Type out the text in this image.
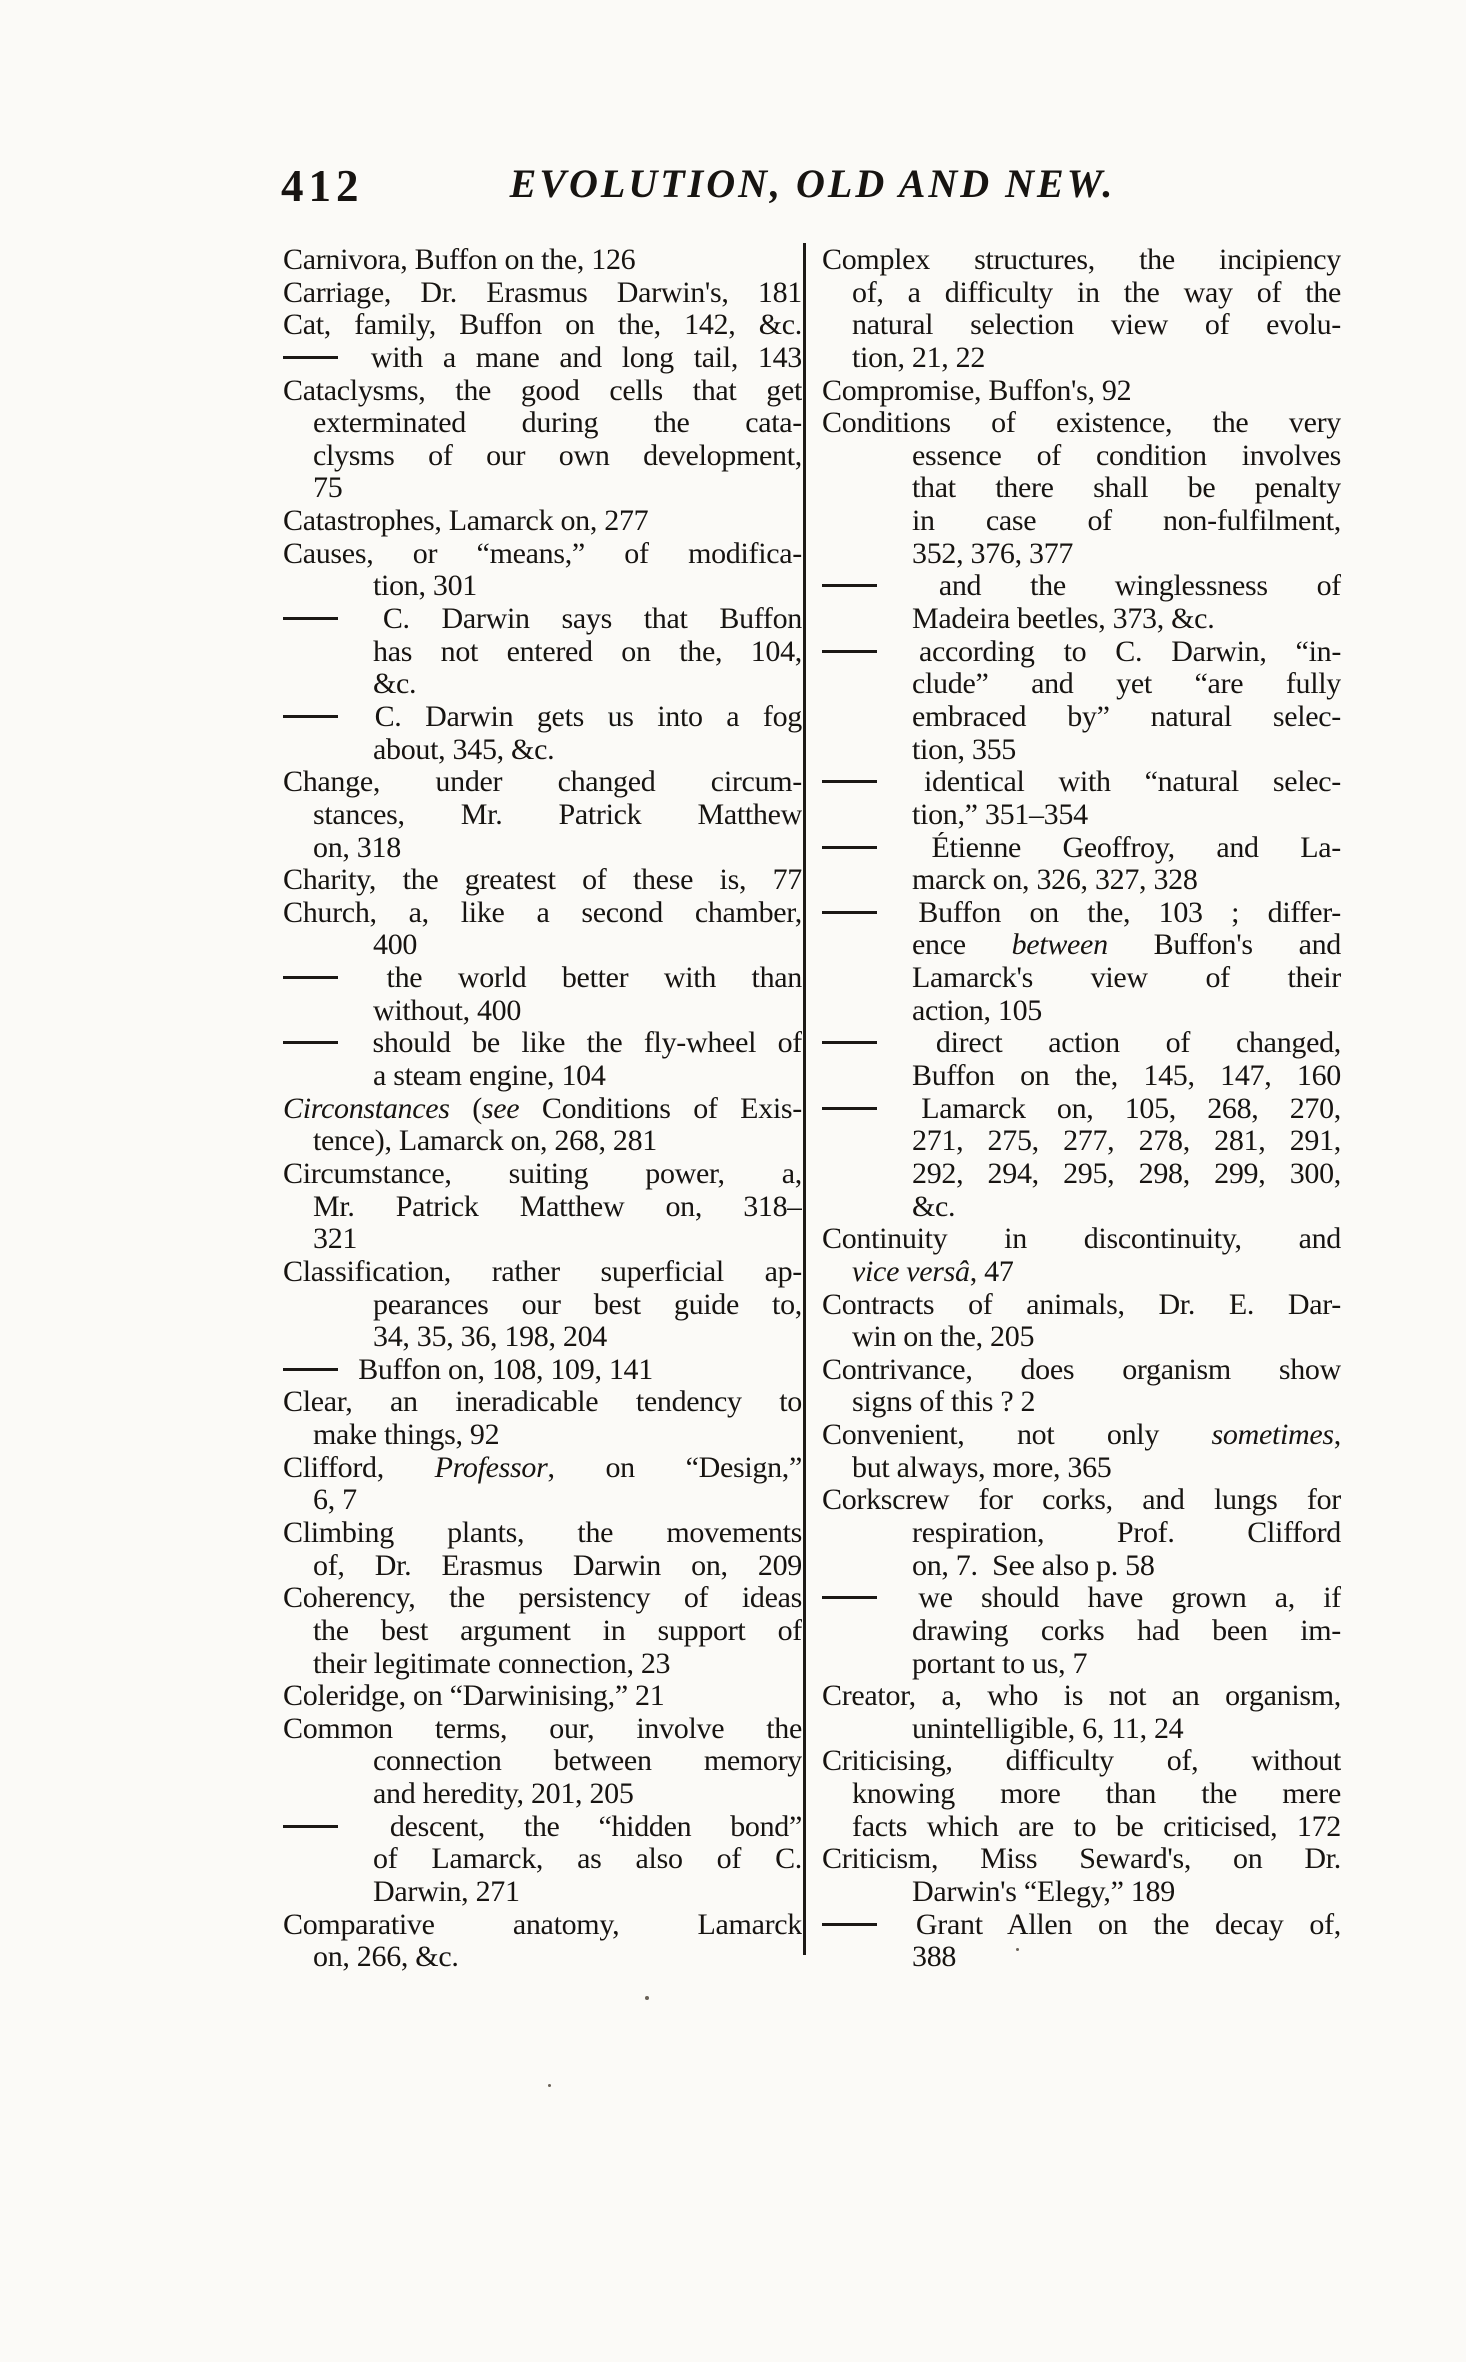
412	EVOLUTION, OLD AND NEW.
Carnivora, Buffon on the, 126
Carriage, Dr. Erasmus Darwin's, 181
Cat, family, Buffon on the, 142, &c.
with a mane and long tail, 143
Cataclysms, the good cells that get
exterminated during the cata-
clysms of our own development,
75
Catastrophes, Lamarck on, 277
Causes, or “means,” of modifica-
tion, 301
C. Darwin says that Buffon
has not entered on the, 104,
&c.
C. Darwin gets us into a fog
about, 345, &c.
Change, under changed circum-
stances, Mr. Patrick Matthew
on, 318
Charity, the greatest of these is, 77
Church, a, like a second chamber,
400
the world better with than
without, 400
should be like the fly-wheel of
a steam engine, 104
Circonstances (see Conditions of Exis-
tence), Lamarck on, 268, 281
Circumstance, suiting power, a,
Mr. Patrick Matthew on, 318–
321
Classification, rather superficial ap-
pearances our best guide to,
34, 35, 36, 198, 204
Buffon on, 108, 109, 141
Clear, an ineradicable tendency to
make things, 92
Clifford, Professor, on “Design,”
6, 7
Climbing plants, the movements
of, Dr. Erasmus Darwin on, 209
Coherency, the persistency of ideas
the best argument in support of
their legitimate connection, 23
Coleridge, on “Darwinising,” 21
Common terms, our, involve the
connection between memory
and heredity, 201, 205
descent, the “hidden bond”
of Lamarck, as also of C.
Darwin, 271
Comparative anatomy, Lamarck
on, 266, &c.
Complex structures, the incipiency
of, a difficulty in the way of the
natural selection view of evolu-
tion, 21, 22
Compromise, Buffon's, 92
Conditions of existence, the very
essence of condition involves
that there shall be penalty
in case of non-fulfilment,
352, 376, 377
and the winglessness of
Madeira beetles, 373, &c.
according to C. Darwin, “in-
clude” and yet “are fully
embraced by” natural selec-
tion, 355
identical with “natural selec-
tion,” 351–354
Étienne Geoffroy, and La-
marck on, 326, 327, 328
Buffon on the, 103 ; differ-
ence between Buffon's and
Lamarck's view of their
action, 105
direct action of changed,
Buffon on the, 145, 147, 160
Lamarck on, 105, 268, 270,
271, 275, 277, 278, 281, 291,
292, 294, 295, 298, 299, 300,
&c.
Continuity in discontinuity, and
vice versâ, 47
Contracts of animals, Dr. E. Dar-
win on the, 205
Contrivance, does organism show
signs of this ? 2
Convenient, not only sometimes,
but always, more, 365
Corkscrew for corks, and lungs for
respiration, Prof. Clifford
on, 7.  See also p. 58
we should have grown a, if
drawing corks had been im-
portant to us, 7
Creator, a, who is not an organism,
unintelligible, 6, 11, 24
Criticising, difficulty of, without
knowing more than the mere
facts which are to be criticised, 172
Criticism, Miss Seward's, on Dr.
Darwin's “Elegy,” 189
Grant Allen on the decay of,
388
